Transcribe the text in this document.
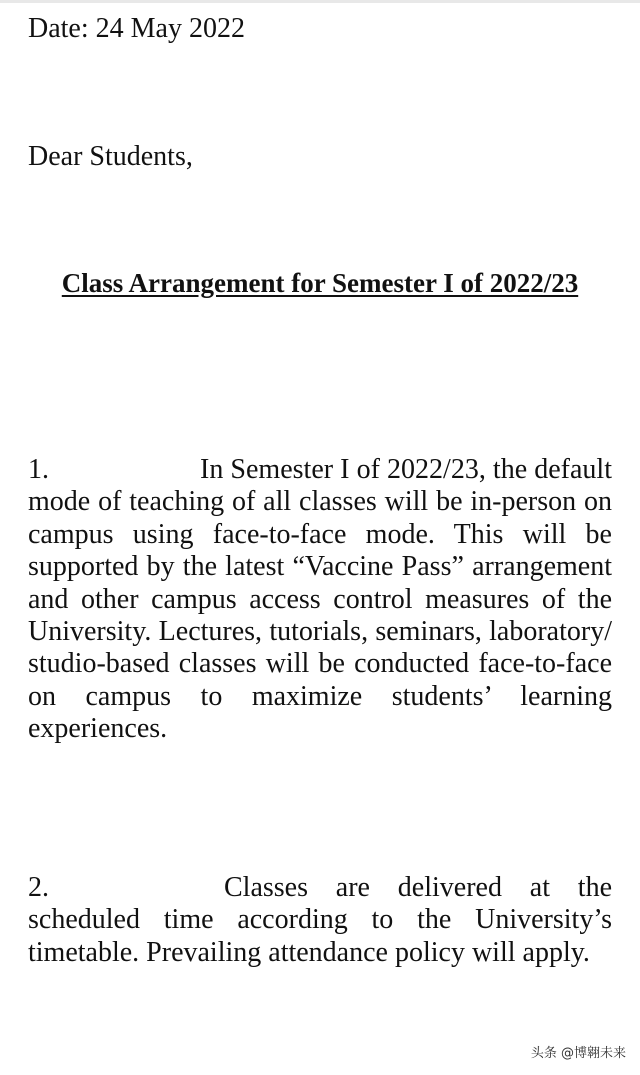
Date: 24 May 2022
Dear Students,
Class Arrangement for Semester I of 2022/23
1.	In Semester I of 2022/23, the default mode of teaching of all classes will be in-person on campus using face-to-face mode. This will be supported by the latest “Vaccine Pass” arrangement and other campus access control measures of the University. Lectures, tutorials, seminars, laboratory/ studio-based classes will be conducted face-to-face on campus to maximize students’ learning experiences.
2.	Classes are delivered at the scheduled time according to the University’s timetable. Prevailing attendance policy will apply.
头条 @博翱未来
